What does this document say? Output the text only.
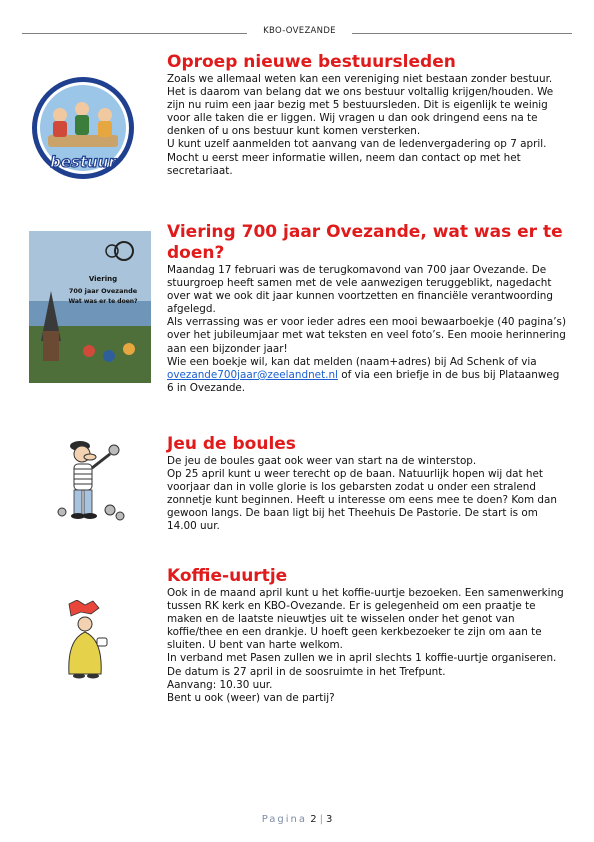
KBO-OVEZANDE
bestuur
Oproep nieuwe bestuursleden

Zoals we allemaal weten kan een vereniging niet bestaan zonder bestuur. Het is daarom van belang dat we ons bestuur voltallig krijgen/houden. We zijn nu ruim een jaar bezig met 5 bestuursleden. Dit is eigenlijk te weinig voor alle taken die er liggen. Wij vragen u dan ook dringend eens na te denken of u ons bestuur kunt komen versterken.

U kunt uzelf aanmelden tot aanvang van de ledenvergadering op 7 april. Mocht u eerst meer informatie willen, neem dan contact op met het secretariaat.

Viering
700 jaar Ovezande
Wat was er te doen?
Viering 700 jaar Ovezande, wat was er te doen?

Maandag 17 februari was de terugkomavond van 700 jaar Ovezande. De stuurgroep heeft samen met de vele aanwezigen teruggeblikt, nagedacht over wat we ook dit jaar kunnen voortzetten en financiële verantwoording afgelegd.

Als verrassing was er voor ieder adres een mooi bewaarboekje (40 pagina’s) over het jubileumjaar met wat teksten en veel foto’s. Een mooie herinnering aan een bijzonder jaar!

Wie een boekje wil, kan dat melden (naam+adres) bij Ad Schenk of via ovezande700jaar@zeelandnet.nl of via een briefje in de bus bij Plataanweg 6 in Ovezande.

Jeu de boules

De jeu de boules gaat ook weer van start na de winterstop.

Op 25 april kunt u weer terecht op de baan. Natuurlijk hopen wij dat het voorjaar dan in volle glorie is los gebarsten zodat u onder een stralend zonnetje kunt beginnen. Heeft u interesse om eens mee te doen? Kom dan gewoon langs. De baan ligt bij het Theehuis De Pastorie. De start is om 14.00 uur.

Koffie-uurtje

Ook in de maand april kunt u het koffie-uurtje bezoeken. Een samenwerking tussen RK kerk en KBO-Ovezande. Er is gelegenheid om een praatje te maken en de laatste nieuwtjes uit te wisselen onder het genot van koffie/thee en een drankje. U hoeft geen kerkbezoeker te zijn om aan te sluiten. U bent van harte welkom.

In verband met Pasen zullen we in april slechts 1 koffie-uurtje organiseren. De datum is 27 april in de soosruimte in het Trefpunt.

Aanvang: 10.30 uur.

Bent u ook (weer) van de partij?

Pagina 2 | 3
